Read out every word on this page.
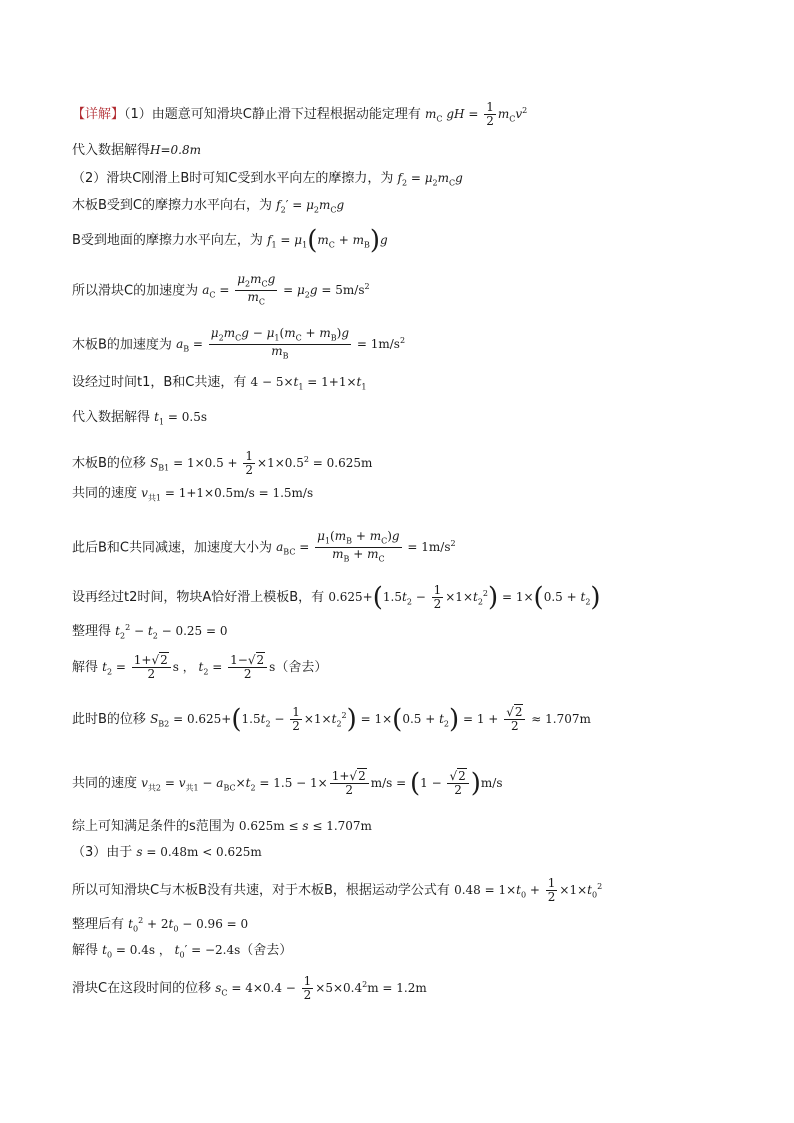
【详解】（1）由题意可知滑块C静止滑下过程根据动能定理有 $m_C$ gH = $\frac{1}{2} m_Cv^2$
代入数据解得H=0.8m
（2）滑块C刚滑上B时可知C受到水平向左的摩擦力，为 $f_2 = \mu_2m_Cg$
木板B受到C的摩擦力水平向右，为 $f_2' = \mu_2m_Cg$
B受到地面的摩擦力水平向左，为 $f_1 = \mu_1(m_C + m_B)g$
所以滑块C的加速度为 $a_C = \frac{\mu_2m_Cg}{m_C} = \mu_2g = 5m/s^2$
木板B的加速度为 $a_B = \frac{\mu_2m_Cg - \mu_1(m_C + m_B)g}{m_B} = 1m/s^2$
设经过时间t1，B和C共速，有 $4 - 5\times t_1 = 1+1\times t_1$
代入数据解得 $t_1 = 0.5s$
木板B的位移 $S_{B1} = 1\times 0.5 + \frac{1}{2} \times 1\times 0.5^2 = 0.625m$
共同的速度 $v_{共1} = 1+1\times 0.5m/s = 1.5m/s$
此后B和C共同减速，加速度大小为 $a_{BC} = \frac{\mu_1(m_B + m_C)g}{m_B + m_C} = 1m/s^2$
设再经过t2时间，物块A恰好滑上模板B，有 $0.625+(1.5t_2 - \frac{1}{2} \times 1\times t_2^2) = 1\times(0.5 + t_2)$
整理得 $t_2^2 - t_2 - 0.25 = 0$
解得 $t_2 = \frac{1+√2}{2}$ s ， $t_2 = \frac{1-√2}{2} s$（舍去）
此时B的位移 $S_{B2} = 0.625+(1.5t_2 - \frac{1}{2} \times 1\times t_2^2) = 1\times(0.5 + t_2) = 1 + \frac{√2}{2} \approx 1.707m$
共同的速度 $v_{共2} = v_{共1} - a_{BC}\times t_2 = 1.5 - 1\times \frac{1+√2}{2} m/s = (1 - \frac{√2}{2} )m/s$
综上可知满足条件的s范围为 0.625m ≤ s ≤ 1.707m
（3）由于 s = 0.48m < 0.625m
所以可知滑块C与木板B没有共速，对于木板B，根据运动学公式有 $0.48 = 1\times t_0 + \frac{1}{2} \times 1\times t_0^2$
整理后有 $t_0^2 + 2t_0 - 0.96 = 0$
解得 $t_0 = 0.4s$ ， $t_0' = -2.4s$（舍去）
滑块C在这段时间的位移 $s_C = 4\times 0.4 - \frac{1}{2} \times 5\times 0.4^2m = 1.2m$
